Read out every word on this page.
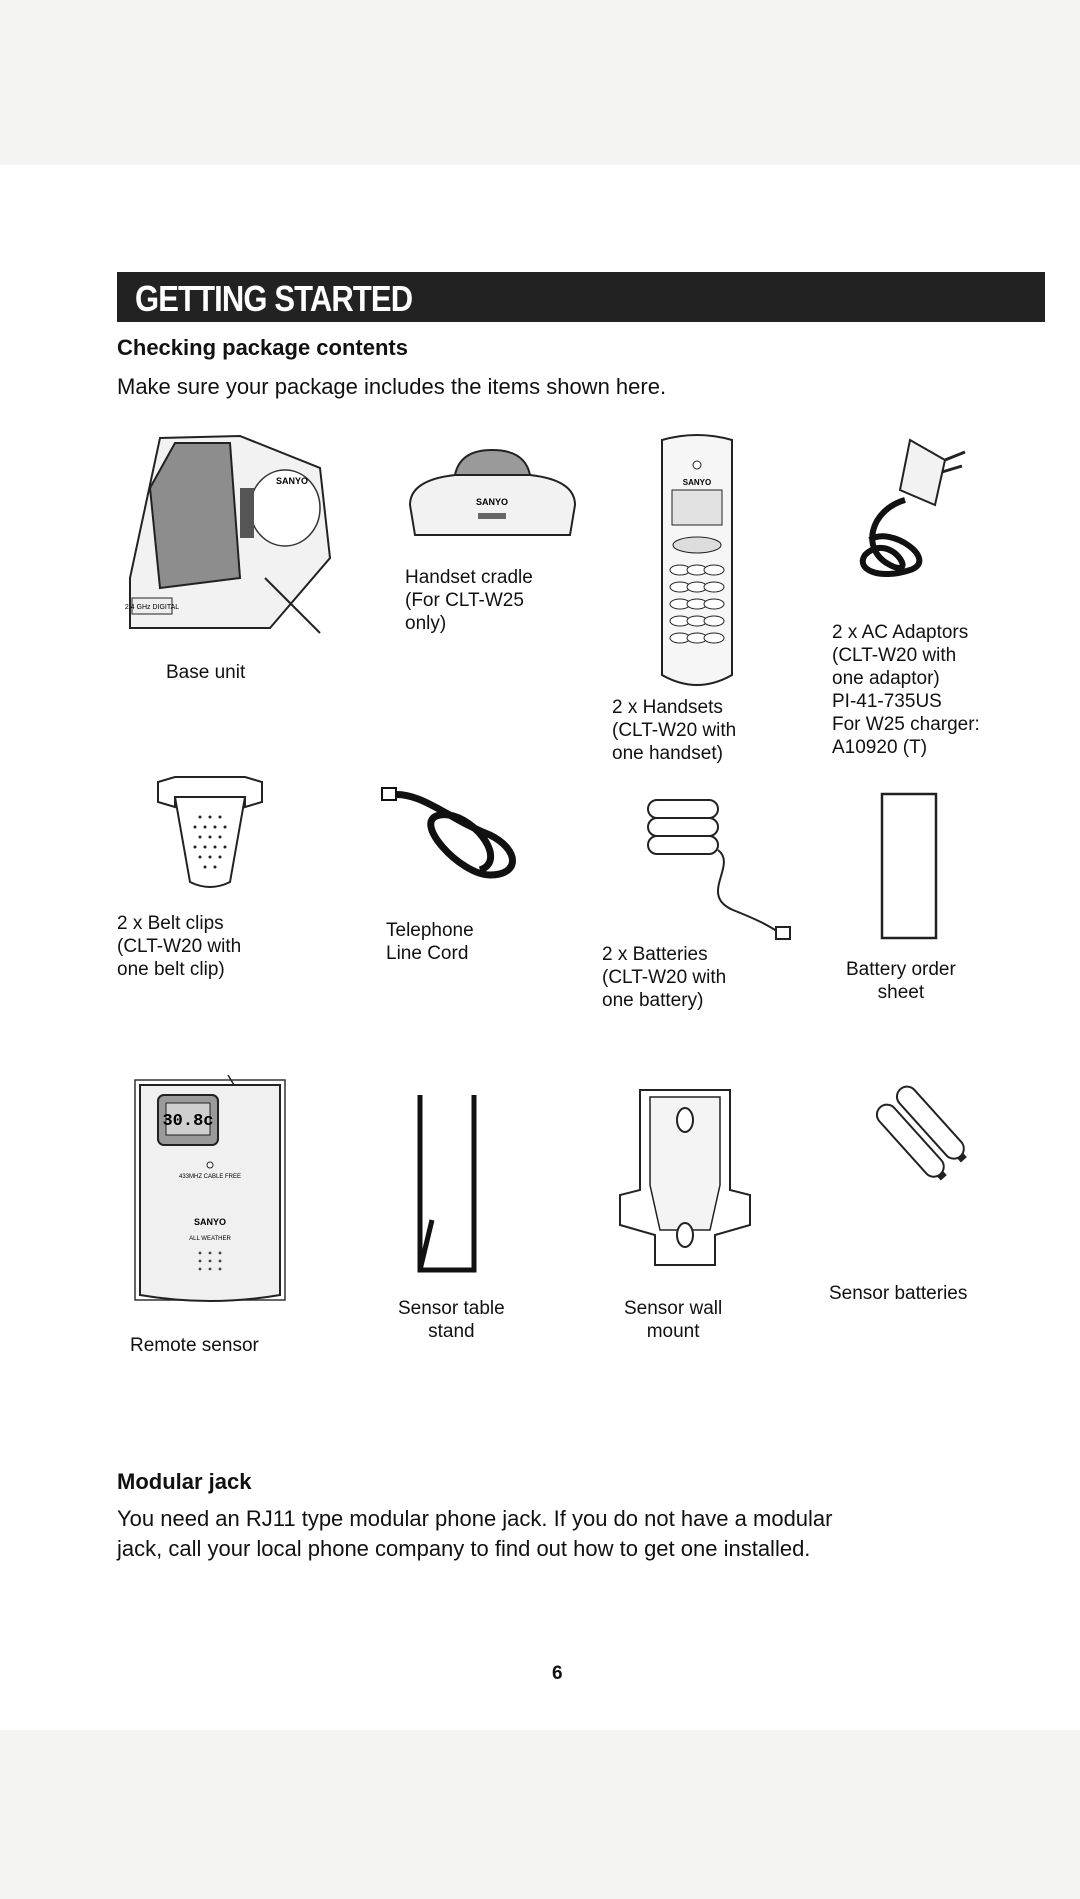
GETTING STARTED
Checking package contents
Make sure your package includes the items shown here.
2.4 GHz DIGITAL
SANYO
Base unit
SANYO
Handset cradle
(For CLT-W25
only)
SANYO
2 x Handsets
(CLT-W20 with
one handset)
2 x AC Adaptors
(CLT-W20 with
one adaptor)
PI-41-735US
For W25 charger:
A10920 (T)
2 x Belt clips
(CLT-W20 with
one belt clip)
Telephone
Line Cord	2 x Batteries
(CLT-W20 with
one battery)
Battery order
sheet
30.8c
433MHZ CABLE FREE
SANYO
ALL WEATHER
Remote sensor
Sensor table
stand
Sensor wall
mount
Sensor batteries
Modular jack
You need an RJ11 type modular phone jack. If you do not have a modular
jack, call your local phone company to find out how to get one installed.
6
